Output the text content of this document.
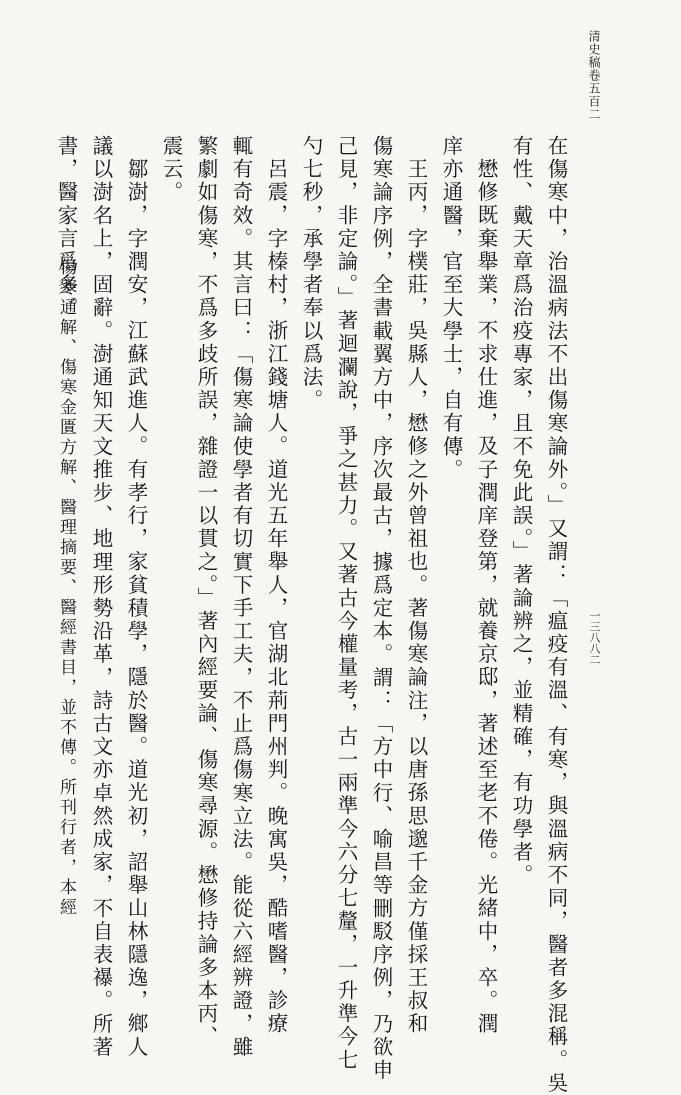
清史稿卷五百二
一三八八二
在傷寒中，治溫病法不出傷寒論外。」又謂：「瘟疫有溫、有寒，與溫病不同，醫者多混稱。吳
有性、戴天章爲治疫專家，且不免此誤。」著論辨之，並精確，有功學者。
懋修既棄舉業，不求仕進，及子潤庠登第，就養京邸，著述至老不倦。光緒中，卒。潤
庠亦通醫，官至大學士，自有傳。
王丙，字樸莊，吳縣人，懋修之外曾祖也。著傷寒論注，以唐孫思邈千金方僅採王叔和
傷寒論序例，全書載翼方中，序次最古，據爲定本。謂：「方中行、喻昌等刪駁序例，乃欲申
己見，非定論。」著迴瀾說，爭之甚力。又著古今權量考，古一兩準今六分七釐，一升準今七
勺七秒，承學者奉以爲法。
呂震，字榛村，浙江錢塘人。道光五年舉人，官湖北荊門州判。晚寓吳，酷嗜醫，診療
輒有奇效。其言曰：「傷寒論使學者有切實下手工夫，不止爲傷寒立法。能從六經辨證，雖
繁劇如傷寒，不爲多歧所誤，雜證一以貫之。」著內經要論、傷寒尋源。懋修持論多本丙、
震云。
鄒澍，字潤安，江蘇武進人。有孝行，家貧積學，隱於醫。道光初，詔舉山林隱逸，鄉人
議以澍名上，固辭。澍通知天文推步、地理形勢沿革，詩古文亦卓然成家，不自表襮。所著
書，醫家言爲多。
傷寒通解、傷寒金匱方解、醫理摘要、醫經書目，並不傳。所刊行者，本經
